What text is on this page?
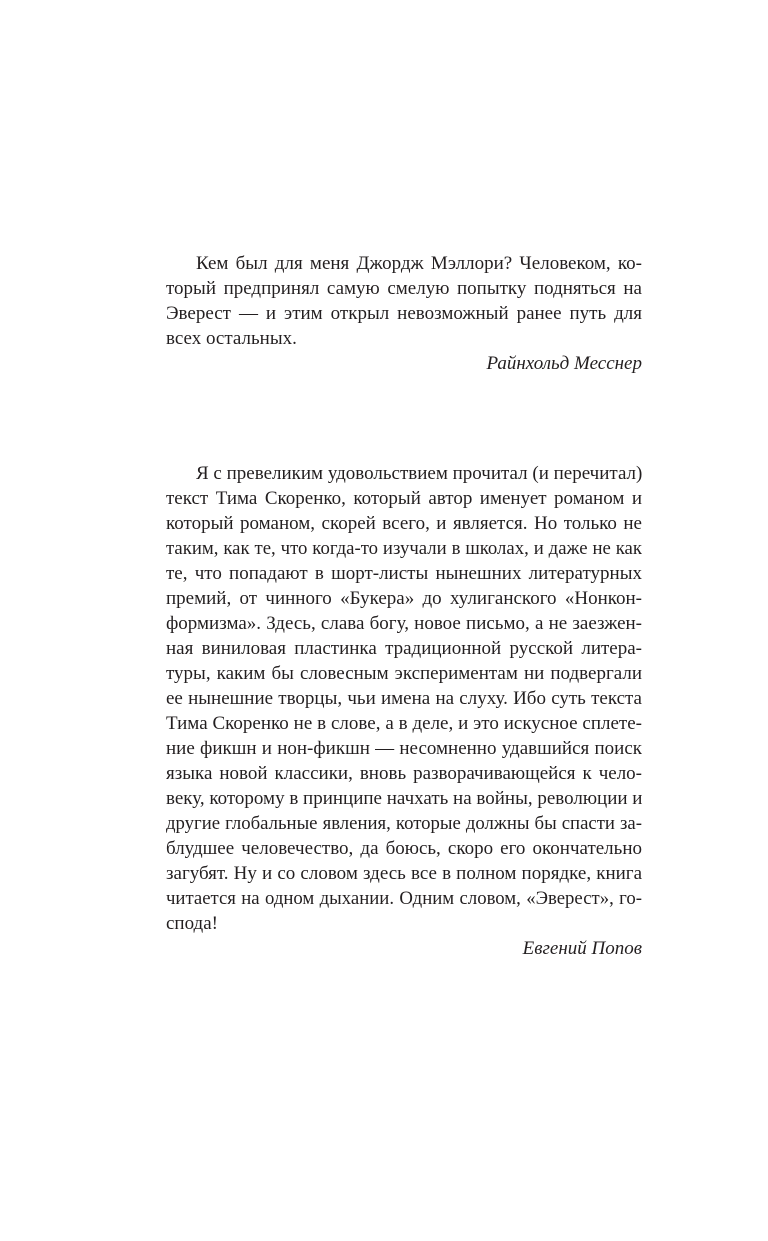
Кем был для меня Джордж Мэллори? Человеком, ко-
торый предпринял самую смелую попытку подняться на
Эверест — и этим открыл невозможный ранее путь для
всех остальных.
Райнхольд Месснер
Я с превеликим удовольствием прочитал (и перечитал)
текст Тима Скоренко, который автор именует романом и
который романом, скорей всего, и является. Но только не
таким, как те, что когда-то изучали в школах, и даже не как
те, что попадают в шорт-листы нынешних литературных
премий, от чинного «Букера» до хулиганского «Нонкон-
формизма». Здесь, слава богу, новое письмо, а не заезжен-
ная виниловая пластинка традиционной русской литера-
туры, каким бы словесным экспериментам ни подвергали
ее нынешние творцы, чьи имена на слуху. Ибо суть текста
Тима Скоренко не в слове, а в деле, и это искусное сплете-
ние фикшн и нон-фикшн — несомненно удавшийся поиск
языка новой классики, вновь разворачивающейся к чело-
веку, которому в принципе начхать на войны, революции и
другие глобальные явления, которые должны бы спасти за-
блудшее человечество, да боюсь, скоро его окончательно
загубят. Ну и со словом здесь все в полном порядке, книга
читается на одном дыхании. Одним словом, «Эверест», го-
спода!
Евгений Попов
